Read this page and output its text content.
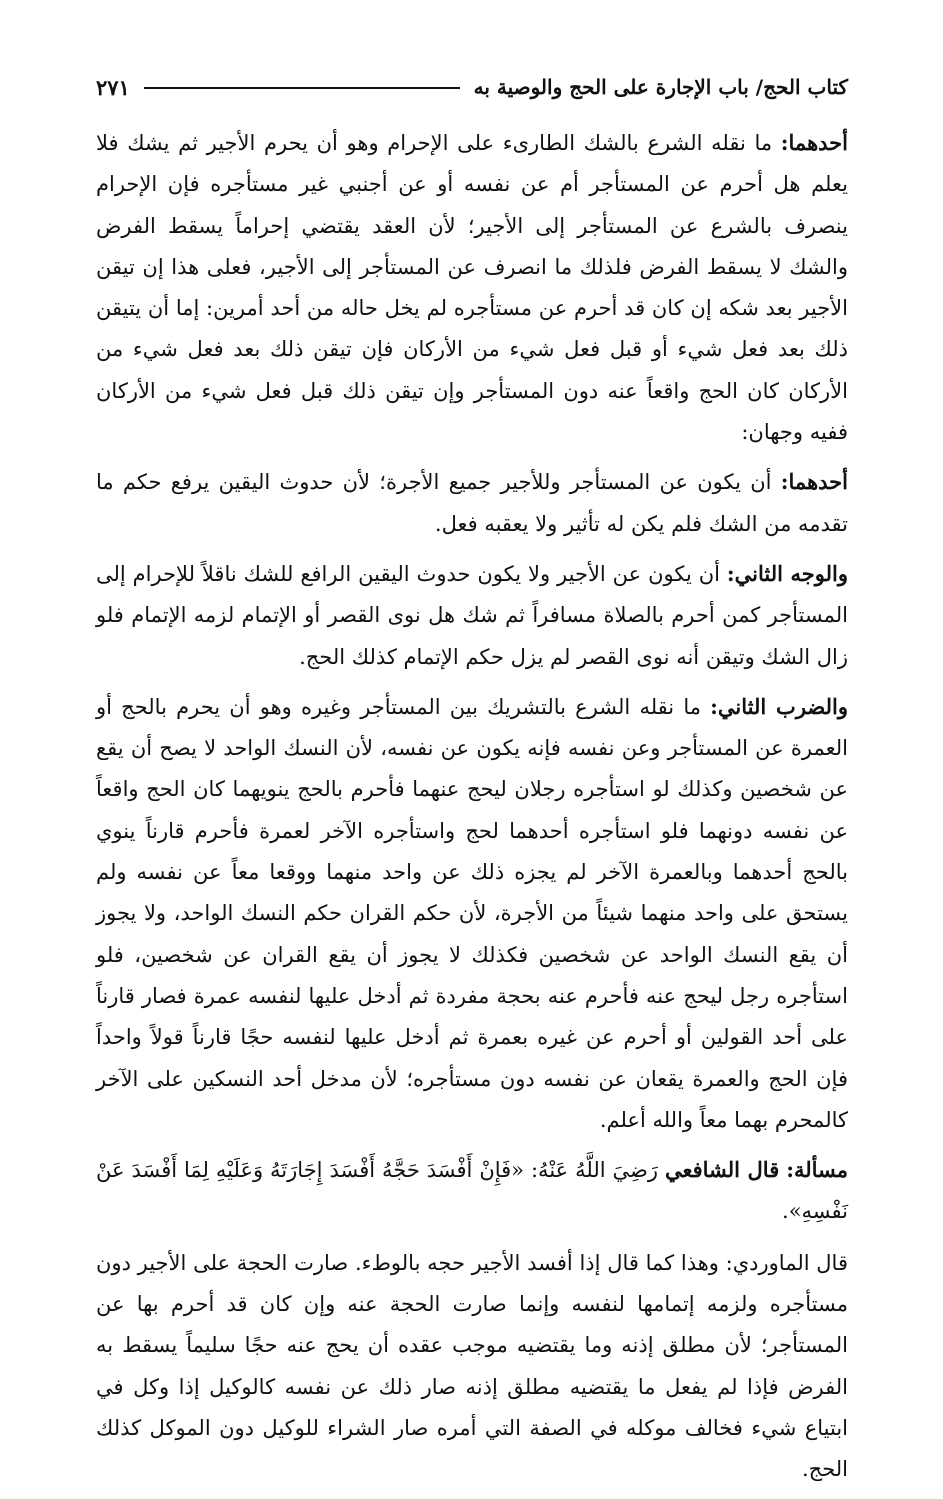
كتاب الحج/ باب الإجارة على الحج والوصية به
٢٧١

أحدهما: ما نقله الشرع بالشك الطارىء على الإحرام وهو أن يحرم الأجير ثم يشك فلا يعلم هل أحرم عن المستأجر أم عن نفسه أو عن أجنبي غير مستأجره فإن الإحرام ينصرف بالشرع عن المستأجر إلى الأجير؛ لأن العقد يقتضي إحراماً يسقط الفرض والشك لا يسقط الفرض فلذلك ما انصرف عن المستأجر إلى الأجير، فعلى هذا إن تيقن الأجير بعد شكه إن كان قد أحرم عن مستأجره لم يخل حاله من أحد أمرين: إما أن يتيقن ذلك بعد فعل شيء أو قبل فعل شيء من الأركان فإن تيقن ذلك بعد فعل شيء من الأركان كان الحج واقعاً عنه دون المستأجر وإن تيقن ذلك قبل فعل شيء من الأركان ففيه وجهان:

أحدهما: أن يكون عن المستأجر وللأجير جميع الأجرة؛ لأن حدوث اليقين يرفع حكم ما تقدمه من الشك فلم يكن له تأثير ولا يعقبه فعل.

والوجه الثاني: أن يكون عن الأجير ولا يكون حدوث اليقين الرافع للشك ناقلاً للإحرام إلى المستأجر كمن أحرم بالصلاة مسافراً ثم شك هل نوى القصر أو الإتمام لزمه الإتمام فلو زال الشك وتيقن أنه نوى القصر لم يزل حكم الإتمام كذلك الحج.

والضرب الثاني: ما نقله الشرع بالتشريك بين المستأجر وغيره وهو أن يحرم بالحج أو العمرة عن المستأجر وعن نفسه فإنه يكون عن نفسه، لأن النسك الواحد لا يصح أن يقع عن شخصين وكذلك لو استأجره رجلان ليحج عنهما فأحرم بالحج ينويهما كان الحج واقعاً عن نفسه دونهما فلو استأجره أحدهما لحج واستأجره الآخر لعمرة فأحرم قارناً ينوي بالحج أحدهما وبالعمرة الآخر لم يجزه ذلك عن واحد منهما ووقعا معاً عن نفسه ولم يستحق على واحد منهما شيئاً من الأجرة، لأن حكم القران حكم النسك الواحد، ولا يجوز أن يقع النسك الواحد عن شخصين فكذلك لا يجوز أن يقع القران عن شخصين، فلو استأجره رجل ليحج عنه فأحرم عنه بحجة مفردة ثم أدخل عليها لنفسه عمرة فصار قارناً على أحد القولين أو أحرم عن غيره بعمرة ثم أدخل عليها لنفسه حجًا قارناً قولاً واحداً فإن الحج والعمرة يقعان عن نفسه دون مستأجره؛ لأن مدخل أحد النسكين على الآخر كالمحرم بهما معاً والله أعلم.

مسألة: قال الشافعي رَضِيَ اللَّهُ عَنْهُ: «فَإِنْ أَفْسَدَ حَجَّهُ أَفْسَدَ إِجَارَتَهُ وَعَلَيْهِ لِمَا أَفْسَدَ عَنْ نَفْسِهِ».

قال الماوردي: وهذا كما قال إذا أفسد الأجير حجه بالوطء. صارت الحجة على الأجير دون مستأجره ولزمه إتمامها لنفسه وإنما صارت الحجة عنه وإن كان قد أحرم بها عن المستأجر؛ لأن مطلق إذنه وما يقتضيه موجب عقده أن يحج عنه حجًا سليماً يسقط به الفرض فإذا لم يفعل ما يقتضيه مطلق إذنه صار ذلك عن نفسه كالوكيل إذا وكل في ابتياع شيء فخالف موكله في الصفة التي أمره صار الشراء للوكيل دون الموكل كذلك الحج.
